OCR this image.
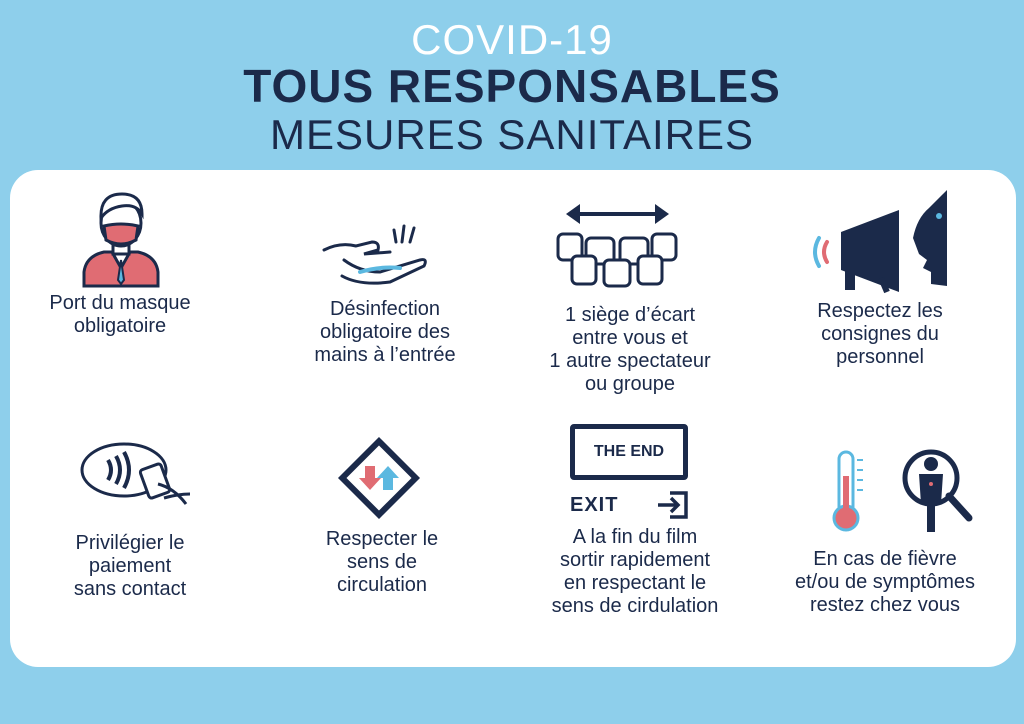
COVID-19
TOUS RESPONSABLES
MESURES SANITAIRES
Port du masque
obligatoire
Désinfection
obligatoire des
mains à l’entrée
1 siège d’écart
entre vous et
1 autre spectateur
ou groupe
Respectez les
consignes du
personnel
Privilégier le
paiement
sans contact
Respecter le
sens de
circulation
THE END
EXIT
A la fin du film
sortir rapidement
en respectant le
sens de cirdulation
En cas de fièvre
et/ou de symptômes
restez chez vous
